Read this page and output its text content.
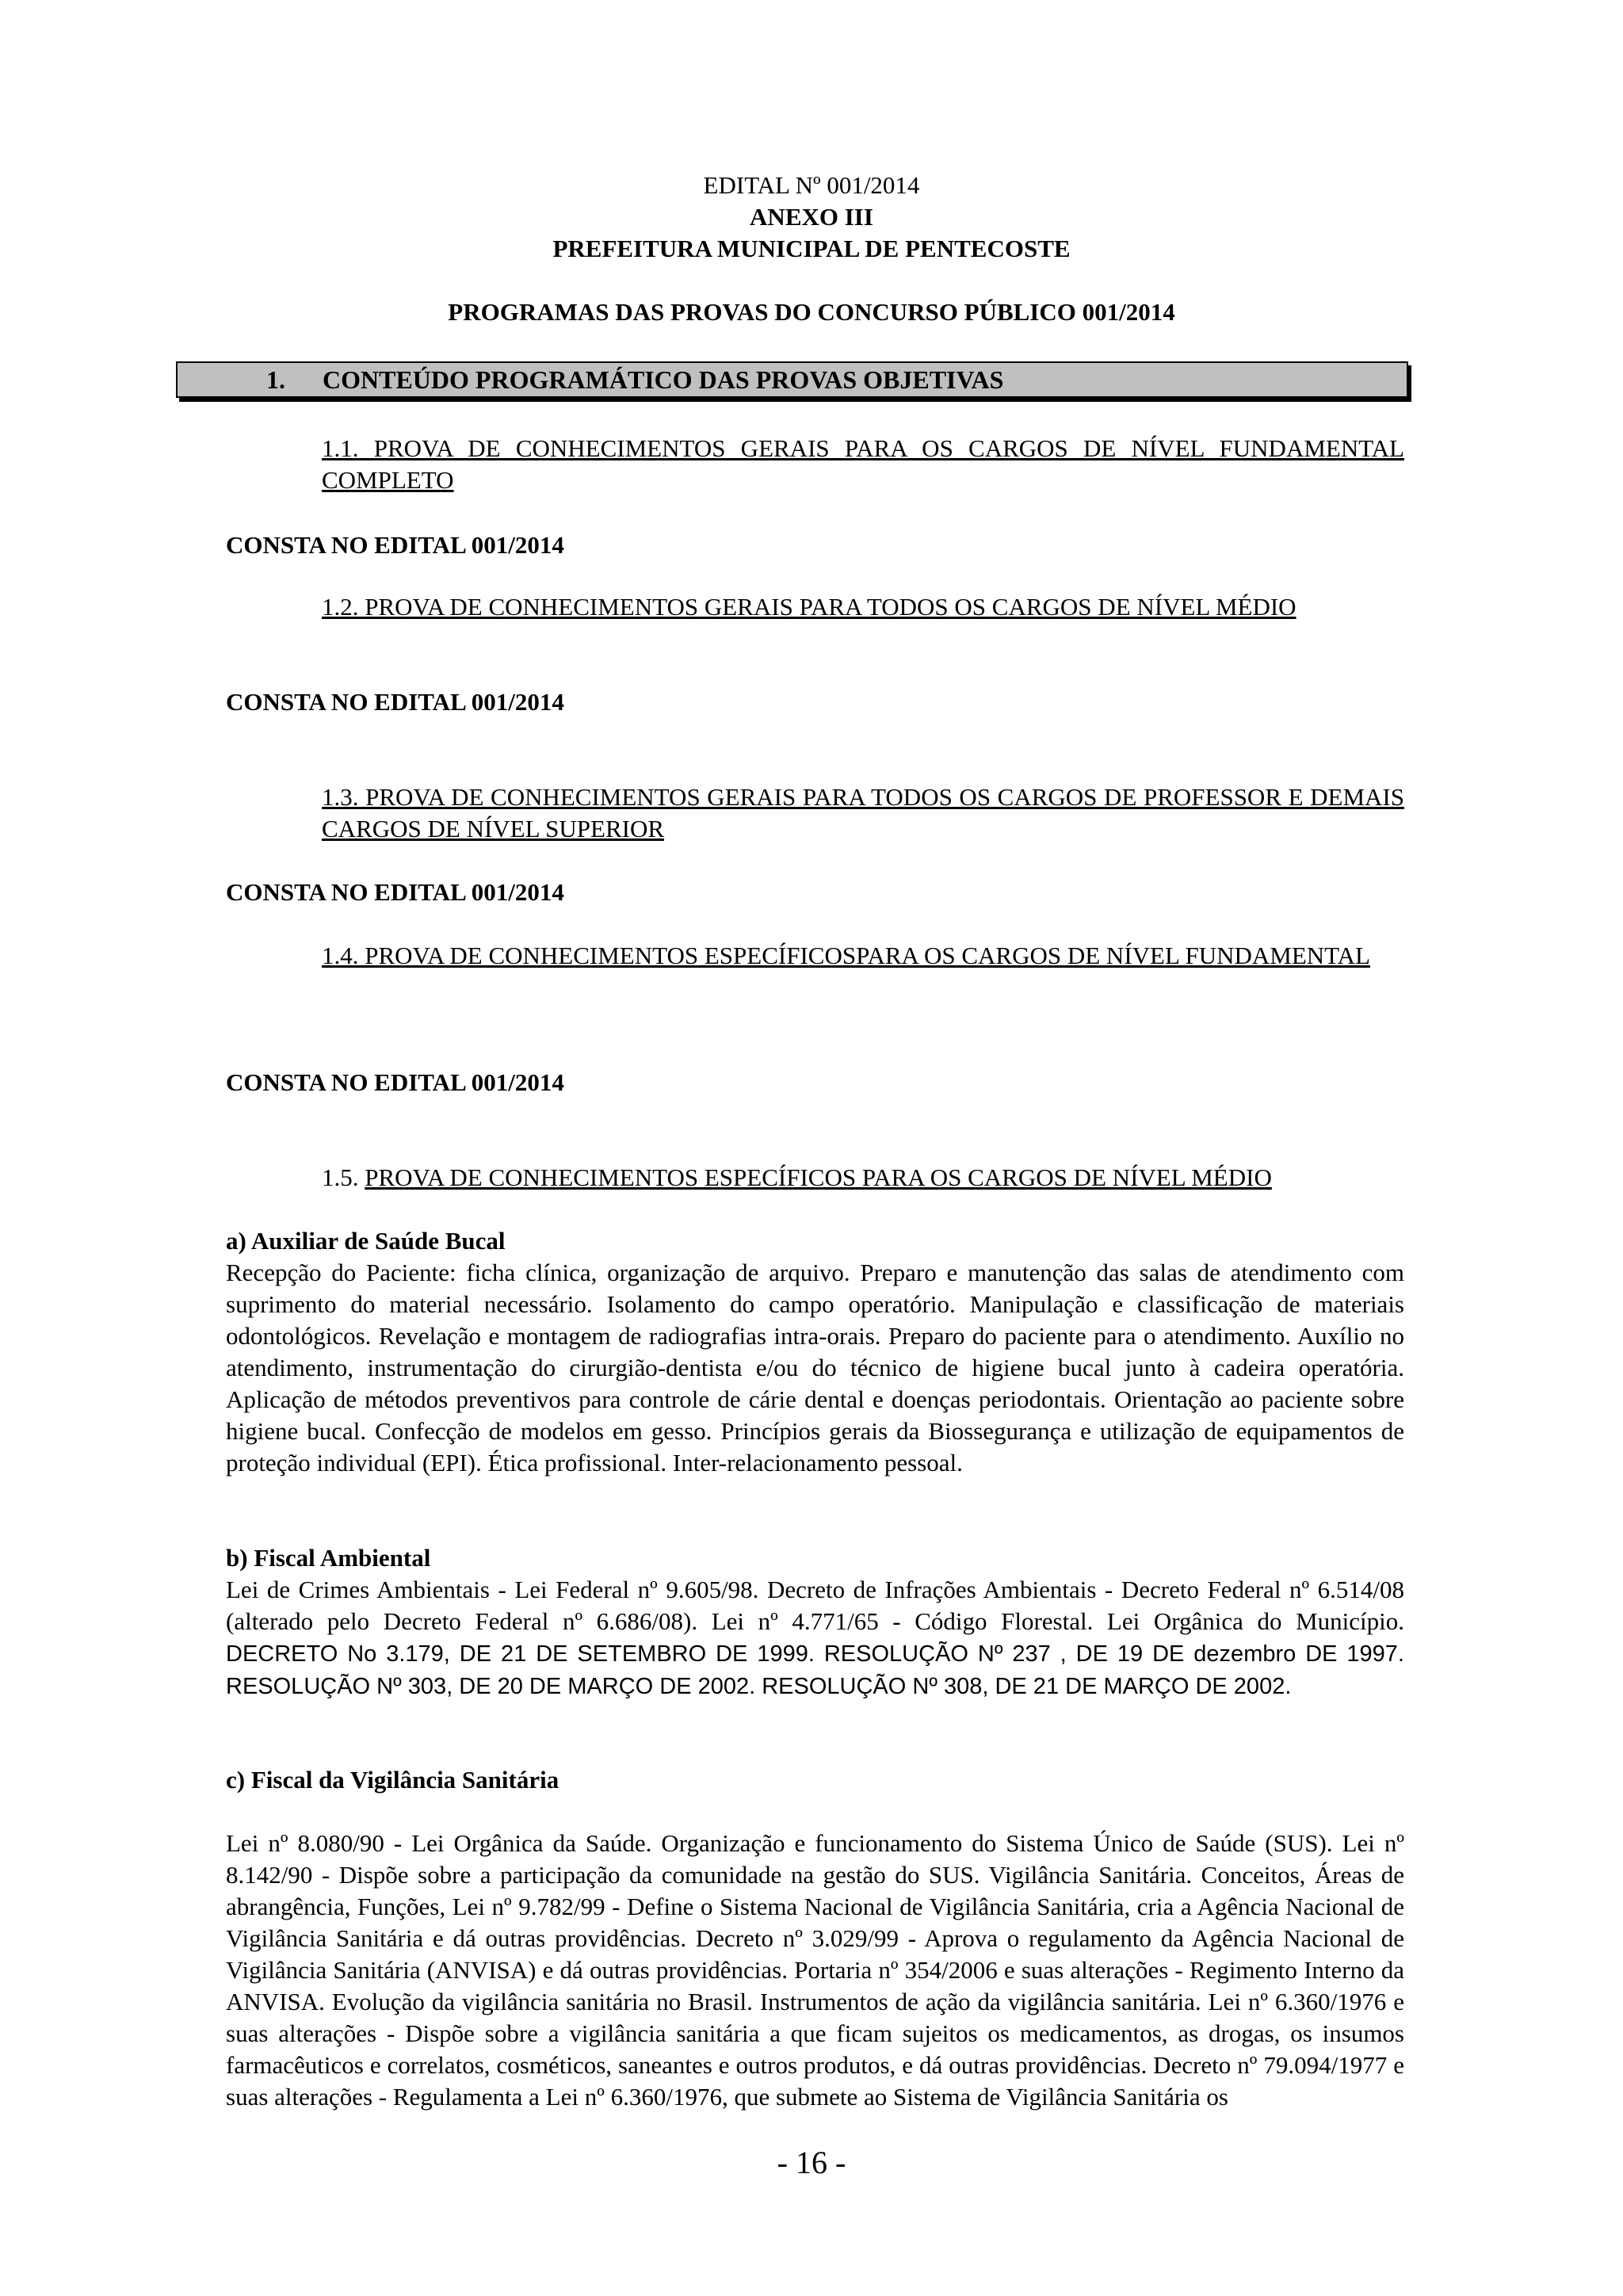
EDITAL Nº 001/2014
ANEXO III
PREFEITURA MUNICIPAL DE PENTECOSTE
PROGRAMAS DAS PROVAS DO CONCURSO PÚBLICO 001/2014
1. CONTEÚDO PROGRAMÁTICO DAS PROVAS OBJETIVAS
1.1. PROVA DE CONHECIMENTOS GERAIS PARA OS CARGOS DE NÍVEL FUNDAMENTAL COMPLETO
CONSTA NO EDITAL 001/2014
1.2. PROVA DE CONHECIMENTOS GERAIS PARA TODOS OS CARGOS DE NÍVEL MÉDIO
CONSTA NO EDITAL 001/2014
1.3. PROVA DE CONHECIMENTOS GERAIS PARA TODOS OS CARGOS DE PROFESSOR E DEMAIS CARGOS DE NÍVEL SUPERIOR
CONSTA NO EDITAL 001/2014
1.4. PROVA DE CONHECIMENTOS ESPECÍFICOSPARA OS CARGOS DE NÍVEL FUNDAMENTAL
CONSTA NO EDITAL 001/2014
1.5. PROVA DE CONHECIMENTOS ESPECÍFICOS PARA OS CARGOS DE NÍVEL MÉDIO
a) Auxiliar de Saúde Bucal
Recepção do Paciente: ficha clínica, organização de arquivo. Preparo e manutenção das salas de atendimento com suprimento do material necessário. Isolamento do campo operatório. Manipulação e classificação de materiais odontológicos. Revelação e montagem de radiografias intra-orais. Preparo do paciente para o atendimento. Auxílio no atendimento, instrumentação do cirurgião-dentista e/ou do técnico de higiene bucal junto à cadeira operatória. Aplicação de métodos preventivos para controle de cárie dental e doenças periodontais. Orientação ao paciente sobre higiene bucal. Confecção de modelos em gesso. Princípios gerais da Biossegurança e utilização de equipamentos de proteção individual (EPI). Ética profissional. Inter-relacionamento pessoal.
b) Fiscal Ambiental
Lei de Crimes Ambientais - Lei Federal nº 9.605/98. Decreto de Infrações Ambientais - Decreto Federal nº 6.514/08 (alterado pelo Decreto Federal nº 6.686/08). Lei nº 4.771/65 - Código Florestal. Lei Orgânica do Município. DECRETO No 3.179, DE 21 DE SETEMBRO DE 1999. RESOLUÇÃO Nº 237 , DE 19 DE dezembro DE 1997. RESOLUÇÃO Nº 303, DE 20 DE MARÇO DE 2002. RESOLUÇÃO Nº 308, DE 21 DE MARÇO DE 2002.
c) Fiscal da Vigilância Sanitária
Lei nº 8.080/90 - Lei Orgânica da Saúde. Organização e funcionamento do Sistema Único de Saúde (SUS). Lei nº 8.142/90 - Dispõe sobre a participação da comunidade na gestão do SUS. Vigilância Sanitária. Conceitos, Áreas de abrangência, Funções, Lei nº 9.782/99 - Define o Sistema Nacional de Vigilância Sanitária, cria a Agência Nacional de Vigilância Sanitária e dá outras providências. Decreto nº 3.029/99 - Aprova o regulamento da Agência Nacional de Vigilância Sanitária (ANVISA) e dá outras providências. Portaria nº 354/2006 e suas alterações - Regimento Interno da ANVISA. Evolução da vigilância sanitária no Brasil. Instrumentos de ação da vigilância sanitária. Lei nº 6.360/1976 e suas alterações - Dispõe sobre a vigilância sanitária a que ficam sujeitos os medicamentos, as drogas, os insumos farmacêuticos e correlatos, cosméticos, saneantes e outros produtos, e dá outras providências. Decreto nº 79.094/1977 e suas alterações - Regulamenta a Lei nº 6.360/1976, que submete ao Sistema de Vigilância Sanitária os
- 16 -
